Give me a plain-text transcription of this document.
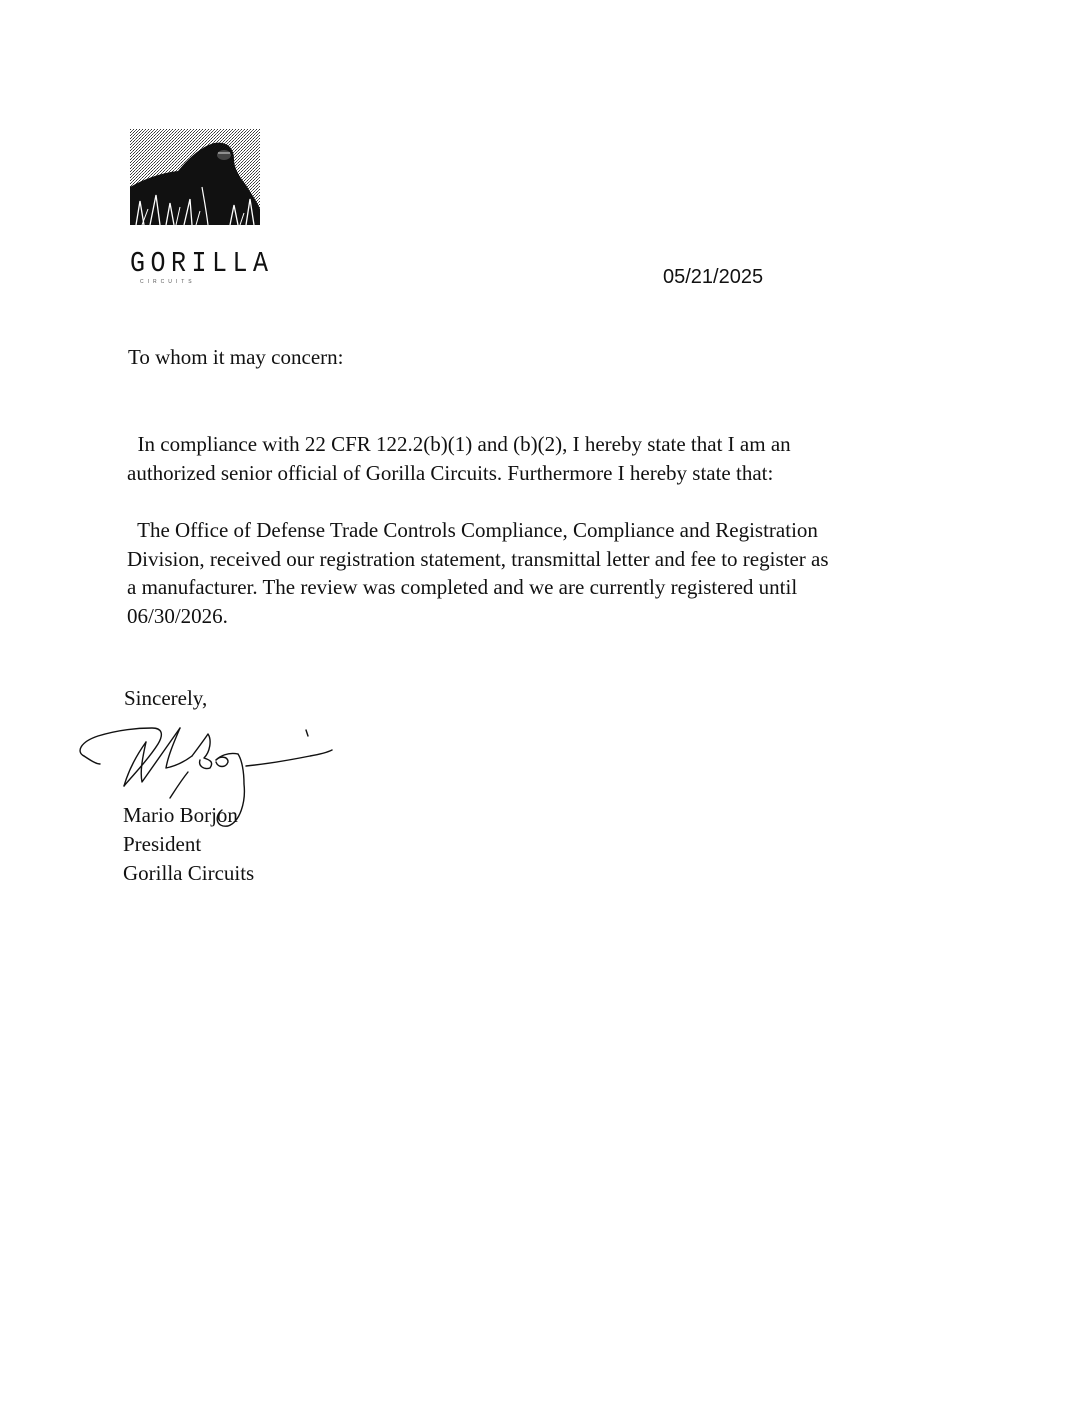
GORILLA
CIRCUITS	05/21/2025
To whom it may concern:

In compliance with 22 CFR 122.2(b)(1) and (b)(2), I hereby state that I am an
authorized senior official of Gorilla Circuits. Furthermore I hereby state that:

The Office of Defense Trade Controls Compliance, Compliance and Registration
Division, received our registration statement, transmittal letter and fee to register as
a manufacturer. The review was completed and we are currently registered until
06/30/2026.

Sincerely,
Mario Borjon
President
Gorilla Circuits
